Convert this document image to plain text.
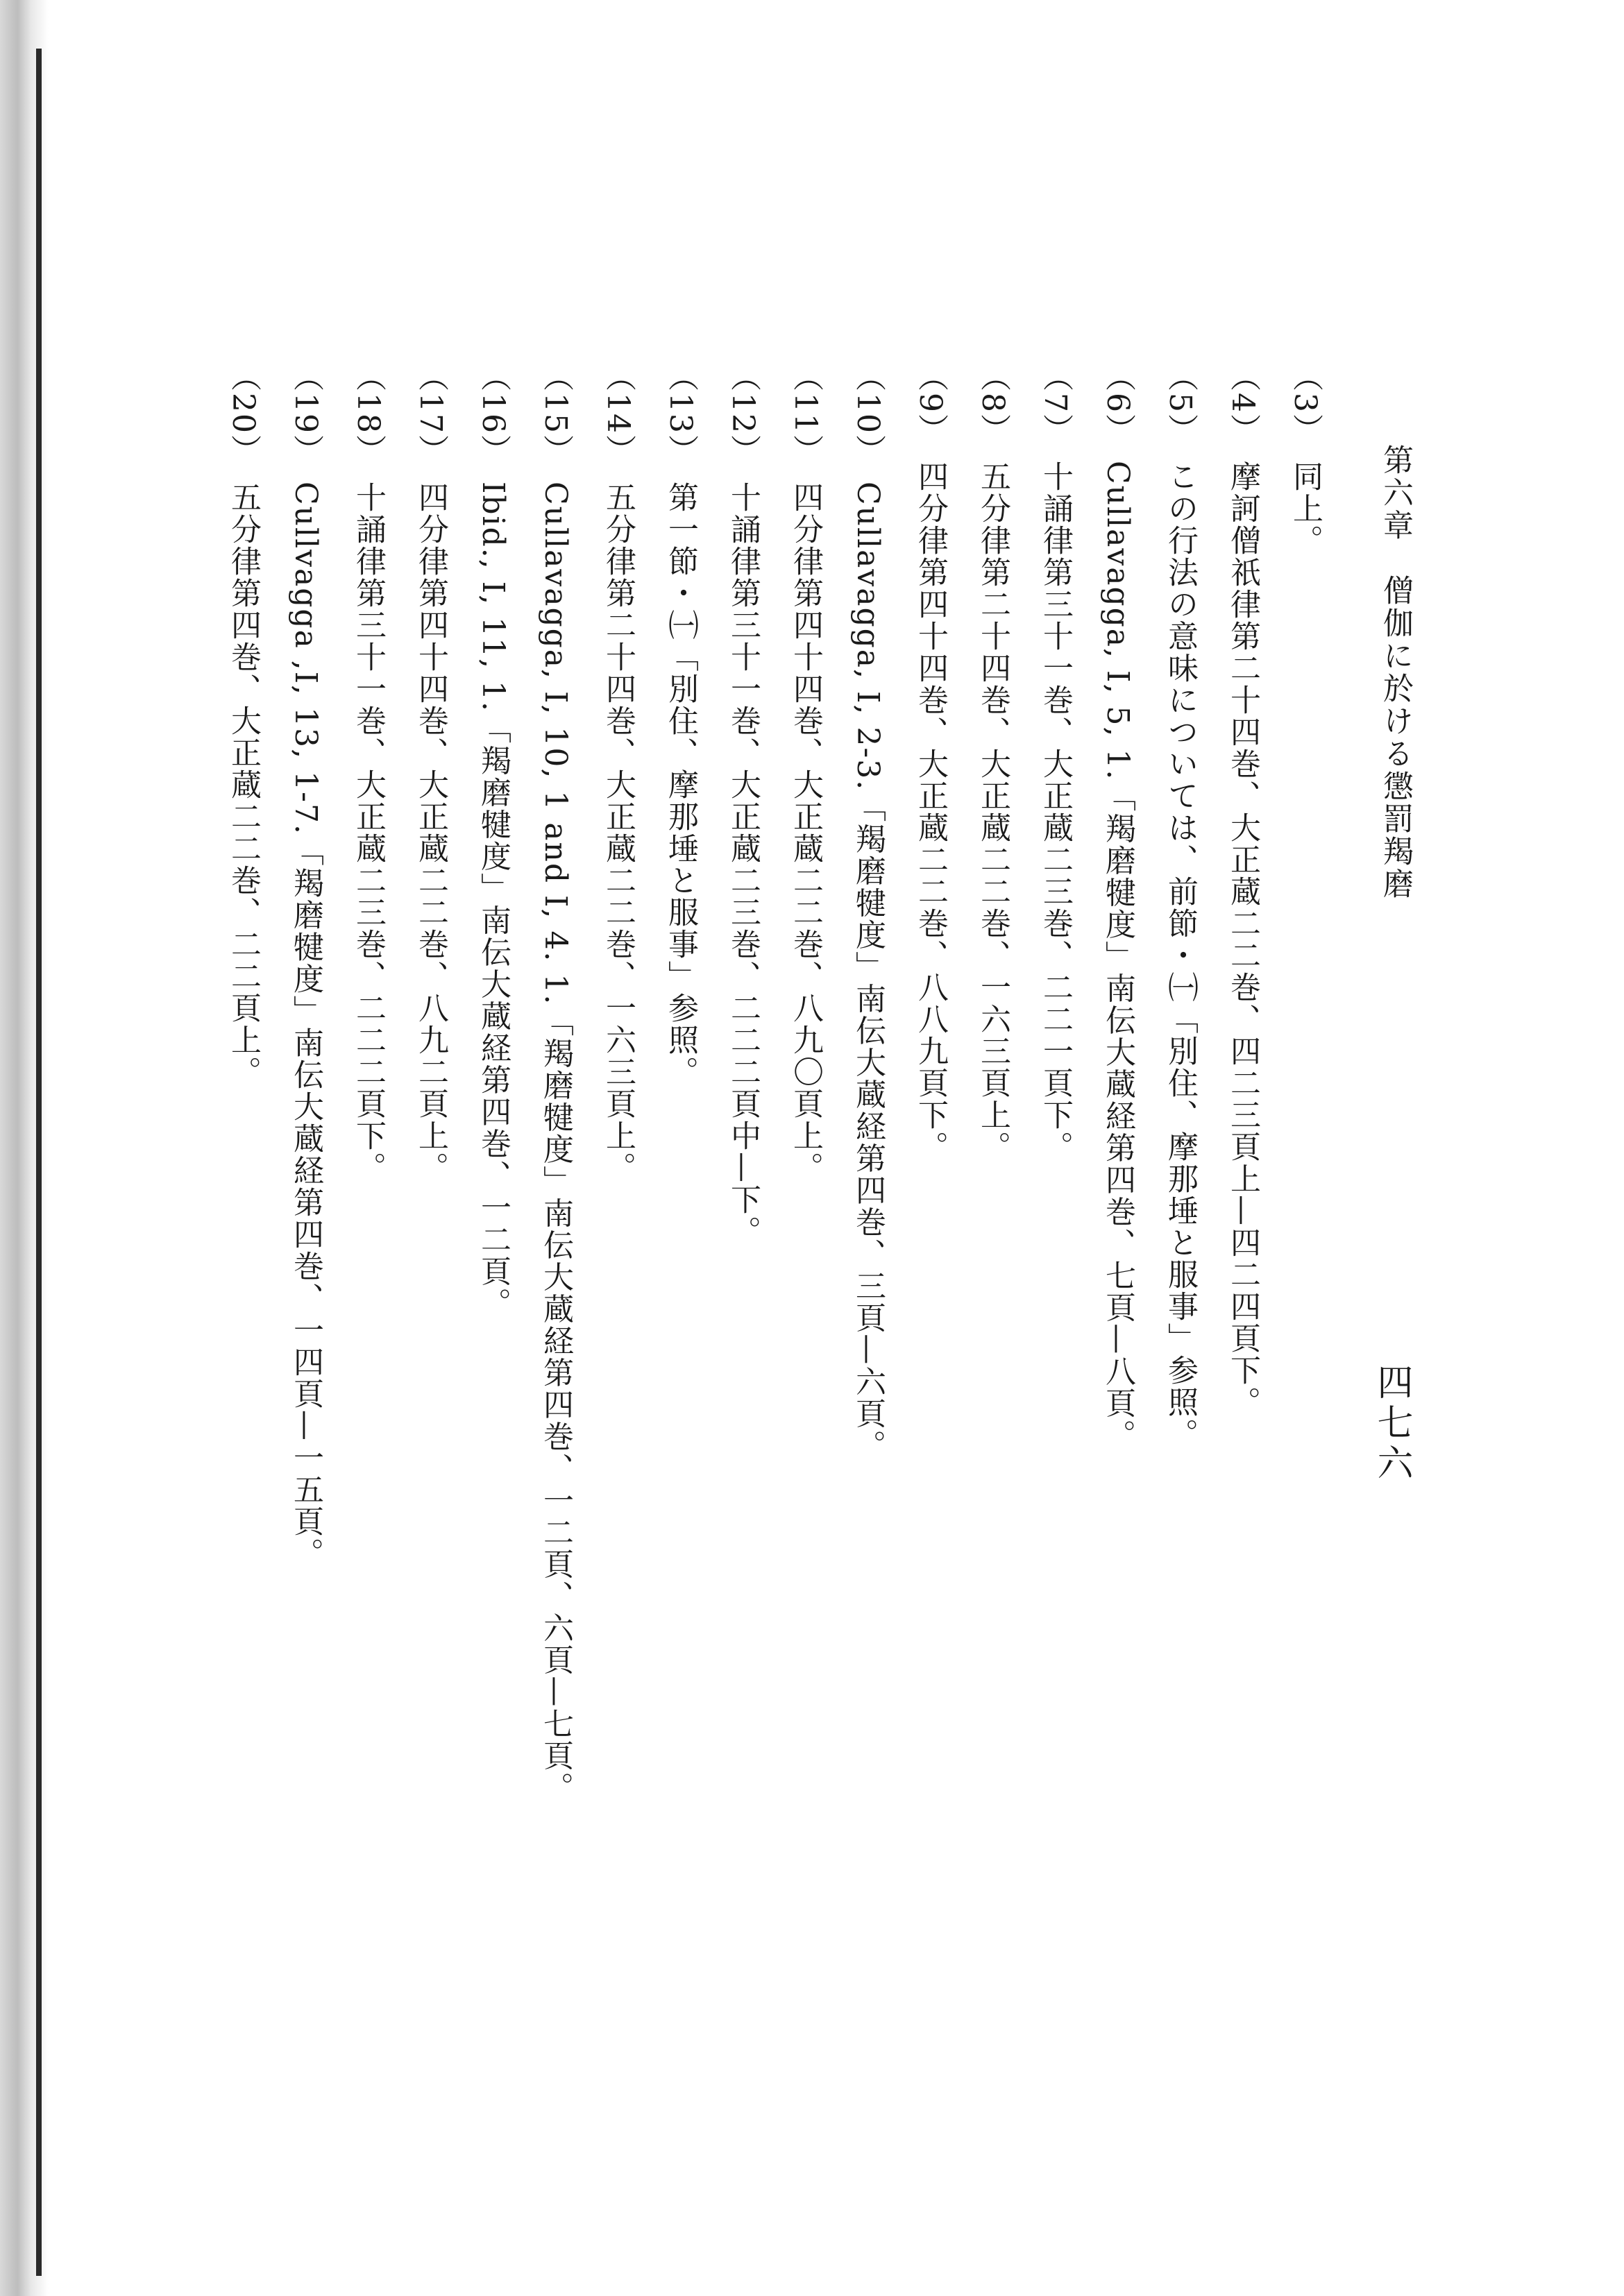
四七六
第六章　僧伽に於ける懲罰羯磨
（3）同上。
（4）摩訶僧祇律第二十四巻、大正蔵二二巻、四二三頁上—四二四頁下。
（5）この行法の意味については、前節・㈠「別住、摩那埵と服事」参照。
（6）Cullavagga, I, 5, 1.「羯磨犍度」南伝大蔵経第四巻、七頁—八頁。
（7）十誦律第三十一巻、大正蔵二三巻、二二一頁下。
（8）五分律第二十四巻、大正蔵二二巻、一六三頁上。
（9）四分律第四十四巻、大正蔵二二巻、八八九頁下。
（10）Cullavagga, I, 2-3.「羯磨犍度」南伝大蔵経第四巻、三頁—六頁。
（11）四分律第四十四巻、大正蔵二二巻、八九〇頁上。
（12）十誦律第三十一巻、大正蔵二三巻、二二二頁中—下。
（13）第一節・㈠「別住、摩那埵と服事」参照。
（14）五分律第二十四巻、大正蔵二二巻、一六三頁上。
（15）Cullavagga, I, 10, 1 and I, 4. 1.「羯磨犍度」南伝大蔵経第四巻、一二頁、六頁—七頁。
（16）Ibid., I, 11, 1.「羯磨犍度」南伝大蔵経第四巻、一二頁。
（17）四分律第四十四巻、大正蔵二二巻、八九二頁上。
（18）十誦律第三十一巻、大正蔵二三巻、二二二頁下。
（19）Cullvagga ,I, 13, 1-7.「羯磨犍度」南伝大蔵経第四巻、一四頁—一五頁。
（20）五分律第四巻、大正蔵二二巻、二二頁上。
